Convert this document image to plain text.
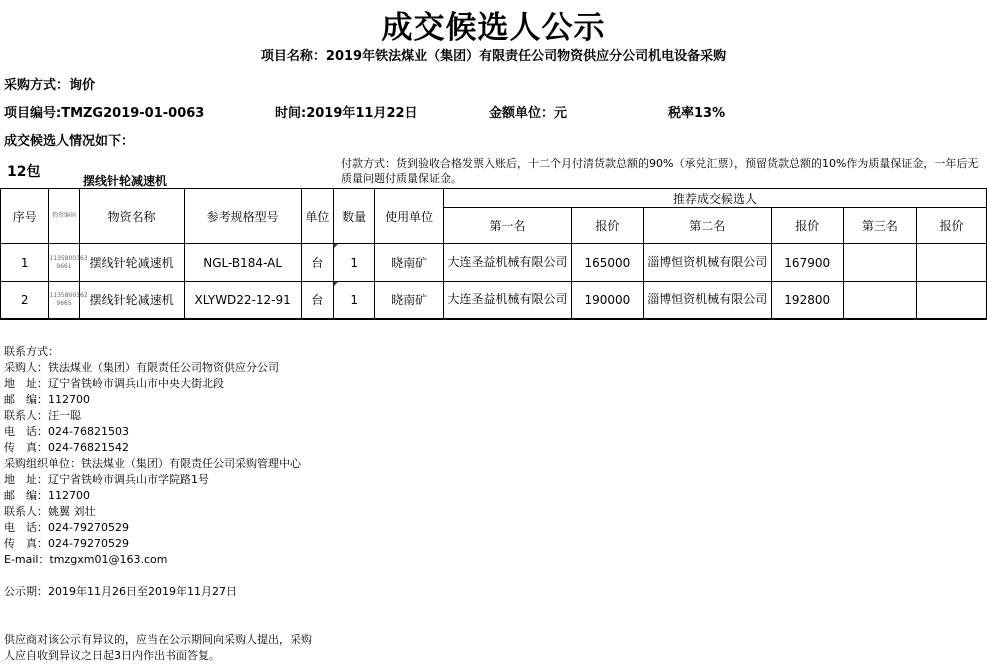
成交候选人公示
项目名称：2019年铁法煤业（集团）有限责任公司物资供应分公司机电设备采购
采购方式：询价
项目编号:TMZG2019-01-0063	时间:2019年11月22日	金额单位：元	税率13%
成交候选人情况如下：
12包
摆线针轮减速机
付款方式：货到验收合格发票入账后，十二个月付清货款总额的90%（承兑汇票），预留货款总额的10%作为质量保证金，一年后无质量问题付质量保证金。
序号	物资编码	物资名称	参考规格型号	单位	数量	使用单位	推荐成交候选人					
							第一名	报价	第二名	报价	第三名	报价
1	1135800363 9661	摆线针轮减速机	NGL-B184-AL	台	1	晓南矿	大连圣益机械有限公司	165000	淄博恒资机械有限公司	167900		
2	1135800362 9665	摆线针轮减速机	XLYWD22-12-91	台	1	晓南矿	大连圣益机械有限公司	190000	淄博恒资机械有限公司	192800		
联系方式：
采购人：铁法煤业（集团）有限责任公司物资供应分公司
地　址：辽宁省铁岭市调兵山市中央大街北段
邮　编：112700
联系人：汪一聪
电　话：024-76821503
传　真：024-76821542
采购组织单位：铁法煤业（集团）有限责任公司采购管理中心
地　址：辽宁省铁岭市调兵山市学院路1号
邮　编：112700
联系人：姚翼 刘壮
电　话：024-79270529
传　真：024-79270529
E-mail：tmzgxm01@163.com
公示期：2019年11月26日至2019年11月27日
供应商对该公示有异议的，应当在公示期间向采购人提出，采购
人应自收到异议之日起3日内作出书面答复。
